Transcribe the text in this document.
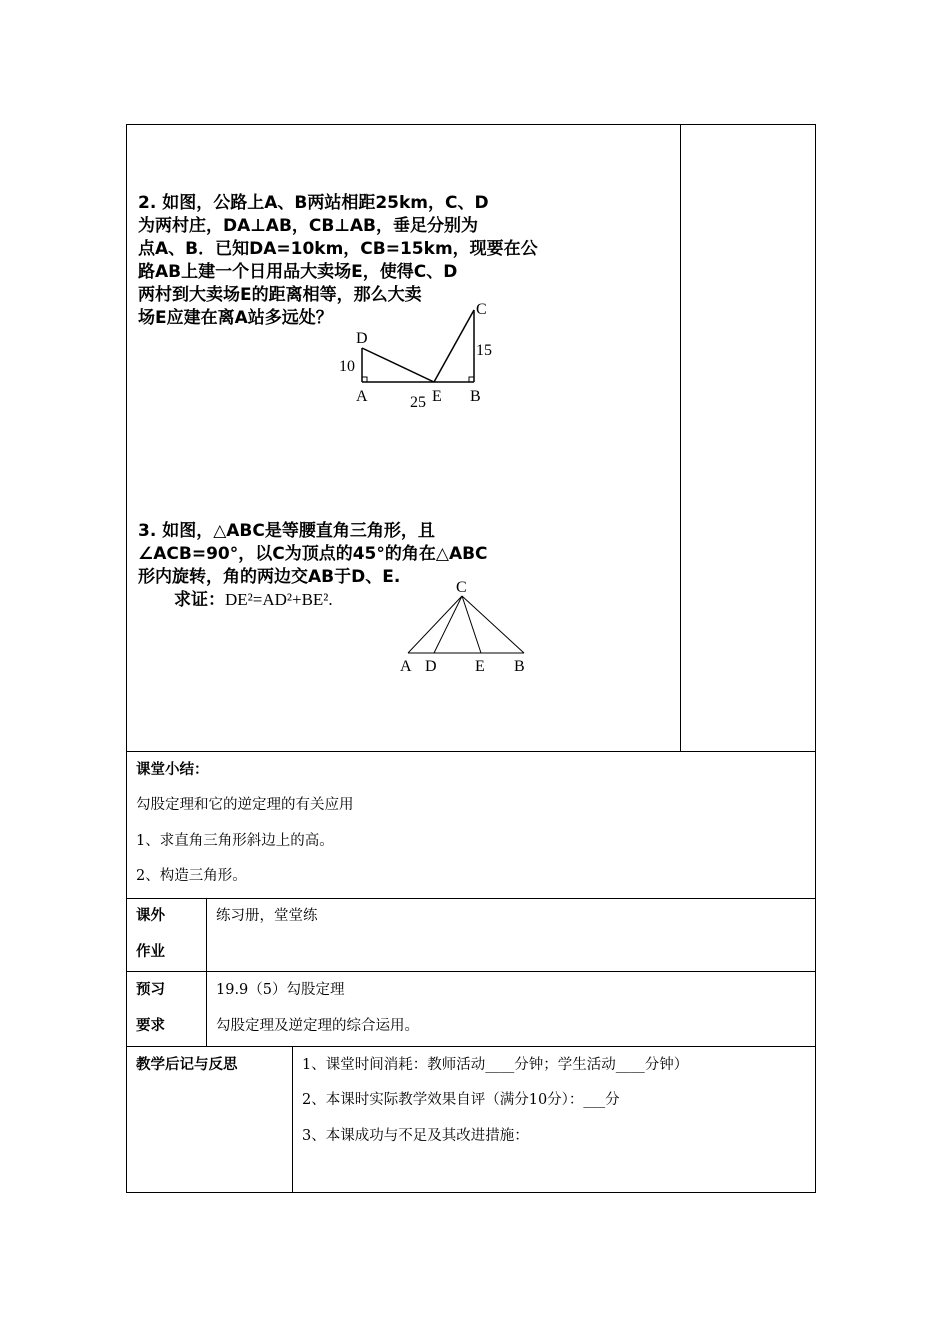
2. 如图，公路上A、B两站相距25km，C、D
为两村庄，DA⊥AB，CB⊥AB，垂足分别为
点A、B．已知DA=10km，CB=15km，现要在公
路AB上建一个日用品大卖场E，使得C、D
两村到大卖场E的距离相等，那么大卖
场E应建在离A站多远处？
D
C
A	E B
10
15
25
3. 如图，△ABC是等腰直角三角形，且
∠ACB=90°，以C为顶点的45°的角在△ABC
形内旋转，角的两边交AB于D、E.
求证：DE²=AD²+BE².
C
A D E B
课堂小结：
勾股定理和它的逆定理的有关应用
1、求直角三角形斜边上的高。
2、构造三角形。
课外
作业
练习册，堂堂练
预习
要求
19.9（5）勾股定理
勾股定理及逆定理的综合运用。
教学后记与反思	1、课堂时间消耗：教师活动____分钟；学生活动____分钟）
2、本课时实际教学效果自评（满分10分）：___分
3、本课成功与不足及其改进措施：
